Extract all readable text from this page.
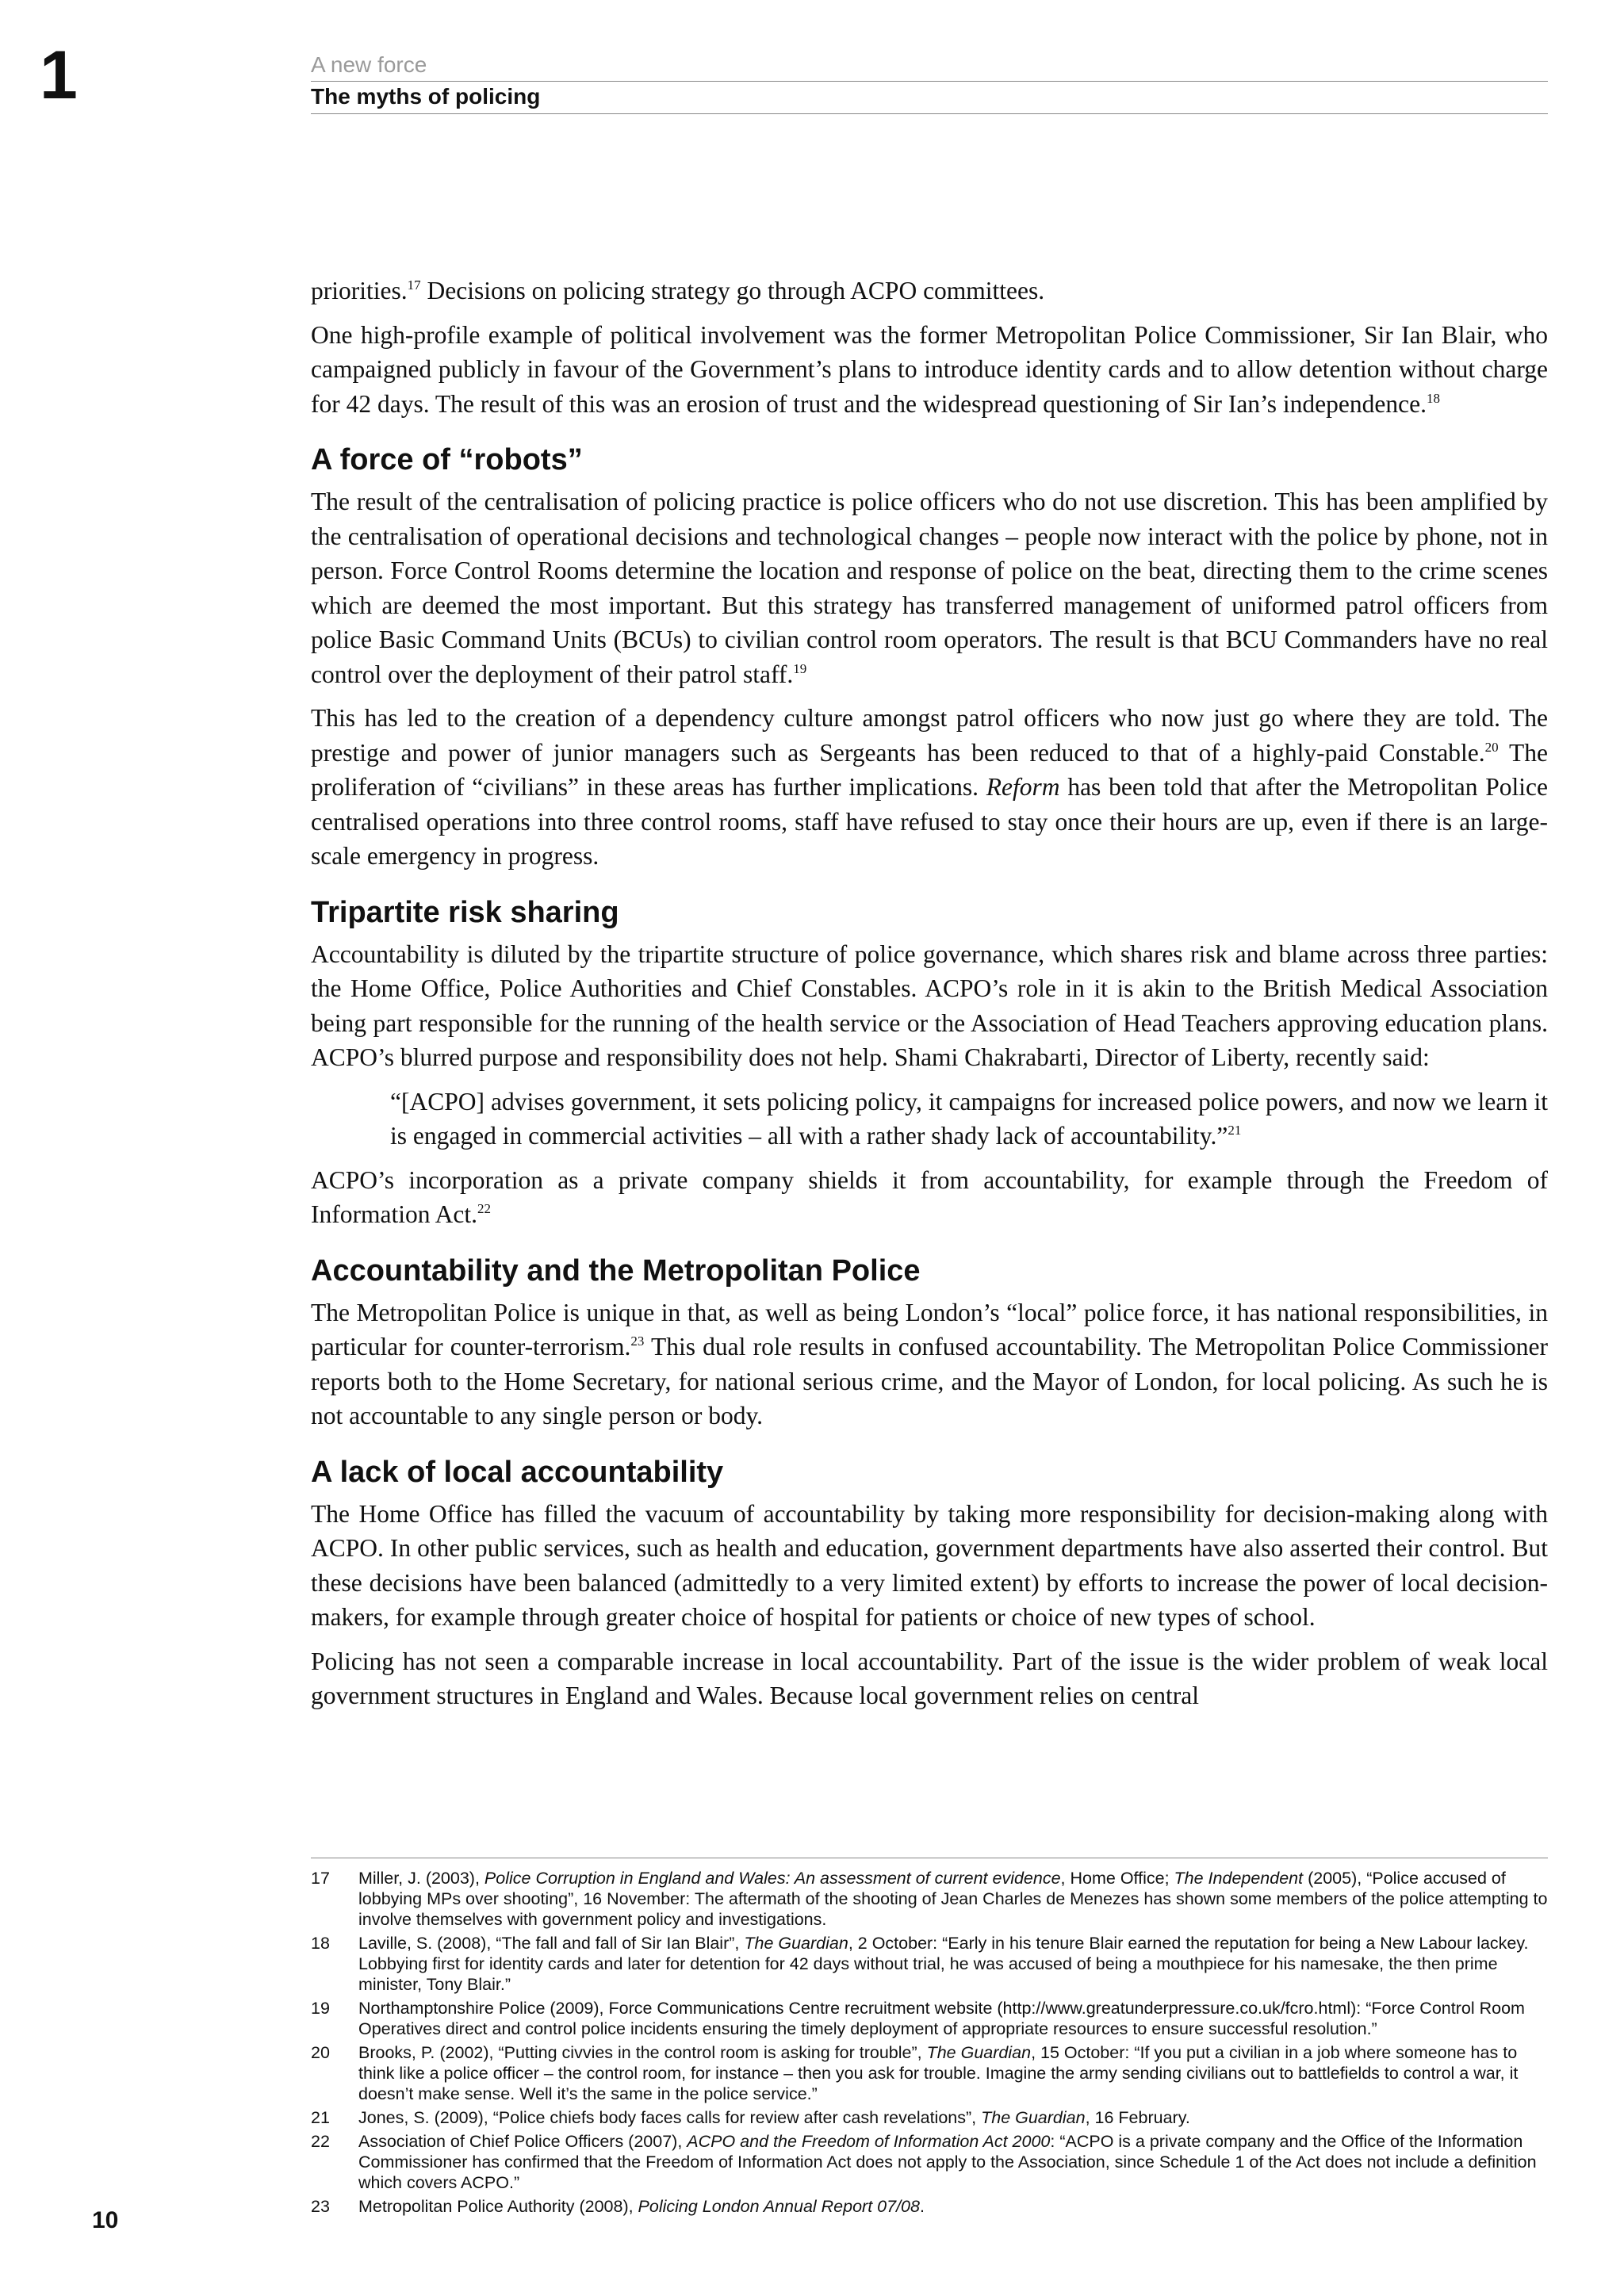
1	A new force
The myths of policing

priorities.$^{17}$ Decisions on policing strategy go through ACPO committees.

One high-profile example of political involvement was the former Metropolitan Police Commissioner, Sir Ian Blair, who campaigned publicly in favour of the Government’s plans to introduce identity cards and to allow detention without charge for 42 days. The result of this was an erosion of trust and the widespread questioning of Sir Ian’s independence.$^{18}$

A force of “robots”

The result of the centralisation of policing practice is police officers who do not use discretion. This has been amplified by the centralisation of operational decisions and technological changes – people now interact with the police by phone, not in person. Force Control Rooms determine the location and response of police on the beat, directing them to the crime scenes which are deemed the most important. But this strategy has transferred management of uniformed patrol officers from police Basic Command Units (BCUs) to civilian control room operators. The result is that BCU Commanders have no real control over the deployment of their patrol staff.$^{19}$

This has led to the creation of a dependency culture amongst patrol officers who now just go where they are told. The prestige and power of junior managers such as Sergeants has been reduced to that of a highly-paid Constable.$^{20}$ The proliferation of “civilians” in these areas has further implications. Reform has been told that after the Metropolitan Police centralised operations into three control rooms, staff have refused to stay once their hours are up, even if there is an large-scale emergency in progress.

Tripartite risk sharing

Accountability is diluted by the tripartite structure of police governance, which shares risk and blame across three parties: the Home Office, Police Authorities and Chief Constables. ACPO’s role in it is akin to the British Medical Association being part responsible for the running of the health service or the Association of Head Teachers approving education plans. ACPO’s blurred purpose and responsibility does not help. Shami Chakrabarti, Director of Liberty, recently said:

“[ACPO] advises government, it sets policing policy, it campaigns for increased police powers, and now we learn it is engaged in commercial activities – all with a rather shady lack of accountability.”$^{21}$

ACPO’s incorporation as a private company shields it from accountability, for example through the Freedom of Information Act.$^{22}$

Accountability and the Metropolitan Police

The Metropolitan Police is unique in that, as well as being London’s “local” police force, it has national responsibilities, in particular for counter-terrorism.$^{23}$ This dual role results in confused accountability. The Metropolitan Police Commissioner reports both to the Home Secretary, for national serious crime, and the Mayor of London, for local policing. As such he is not accountable to any single person or body.

A lack of local accountability

The Home Office has filled the vacuum of accountability by taking more responsibility for decision-making along with ACPO. In other public services, such as health and education, government departments have also asserted their control. But these decisions have been balanced (admittedly to a very limited extent) by efforts to increase the power of local decision-makers, for example through greater choice of hospital for patients or choice of new types of school.

Policing has not seen a comparable increase in local accountability. Part of the issue is the wider problem of weak local government structures in England and Wales. Because local government relies on central

17	Miller, J. (2003), Police Corruption in England and Wales: An assessment of current evidence, Home Office; The Independent (2005), “Police accused of lobbying MPs over shooting”, 16 November: The aftermath of the shooting of Jean Charles de Menezes has shown some members of the police attempting to involve themselves with government policy and investigations.
18	Laville, S. (2008), “The fall and fall of Sir Ian Blair”, The Guardian, 2 October: “Early in his tenure Blair earned the reputation for being a New Labour lackey. Lobbying first for identity cards and later for detention for 42 days without trial, he was accused of being a mouthpiece for his namesake, the then prime minister, Tony Blair.”
19	Northamptonshire Police (2009), Force Communications Centre recruitment website (http://www.greatunderpressure.co.uk/fcro.html): “Force Control Room Operatives direct and control police incidents ensuring the timely deployment of appropriate resources to ensure successful resolution.”
20	Brooks, P. (2002), “Putting civvies in the control room is asking for trouble”, The Guardian, 15 October: “If you put a civilian in a job where someone has to think like a police officer – the control room, for instance – then you ask for trouble. Imagine the army sending civilians out to battlefields to control a war, it doesn’t make sense. Well it’s the same in the police service.”
21	Jones, S. (2009), “Police chiefs body faces calls for review after cash revelations”, The Guardian, 16 February.
22	Association of Chief Police Officers (2007), ACPO and the Freedom of Information Act 2000: “ACPO is a private company and the Office of the Information Commissioner has confirmed that the Freedom of Information Act does not apply to the Association, since Schedule 1 of the Act does not include a definition which covers ACPO.”
23	Metropolitan Police Authority (2008), Policing London Annual Report 07/08.
10
